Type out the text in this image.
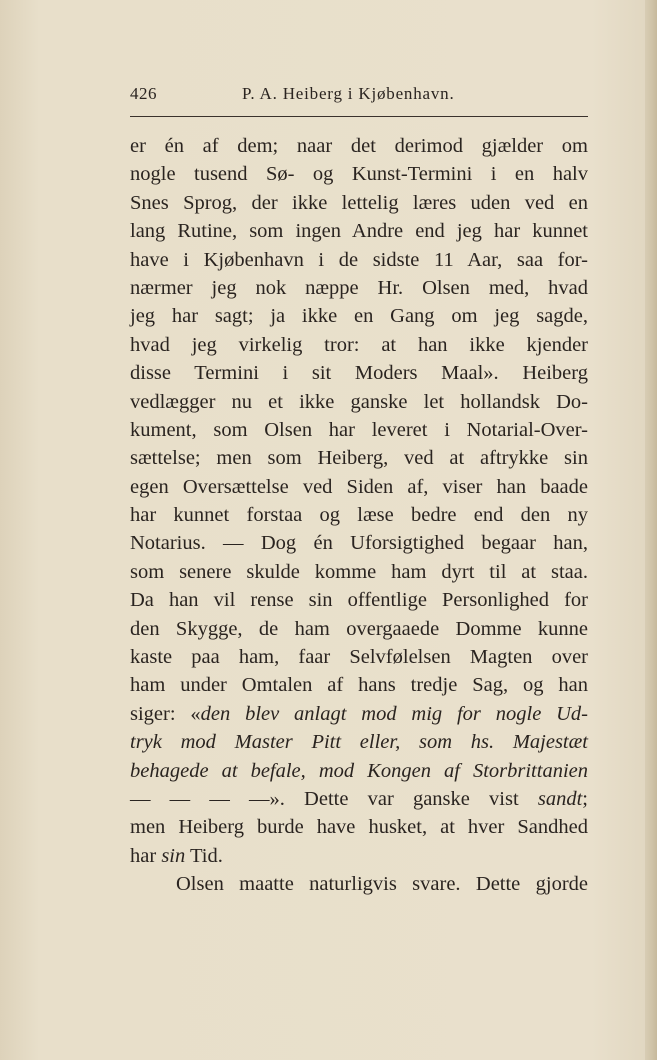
426	P. A. Heiberg i Kjøbenhavn.
er én af dem; naar det derimod gjælder om
nogle tusend Sø- og Kunst-Termini i en halv
Snes Sprog, der ikke lettelig læres uden ved en
lang Rutine, som ingen Andre end jeg har kunnet
have i Kjøbenhavn i de sidste 11 Aar, saa for-
nærmer jeg nok næppe Hr. Olsen med, hvad
jeg har sagt; ja ikke en Gang om jeg sagde,
hvad jeg virkelig tror: at han ikke kjender
disse Termini i sit Moders Maal». Heiberg
vedlægger nu et ikke ganske let hollandsk Do-
kument, som Olsen har leveret i Notarial-Over-
sættelse; men som Heiberg, ved at aftrykke sin
egen Oversættelse ved Siden af, viser han baade
har kunnet forstaa og læse bedre end den ny
Notarius. — Dog én Uforsigtighed begaar han,
som senere skulde komme ham dyrt til at staa.
Da han vil rense sin offentlige Personlighed for
den Skygge, de ham overgaaede Domme kunne
kaste paa ham, faar Selvfølelsen Magten over
ham under Omtalen af hans tredje Sag, og han
siger: «den blev anlagt mod mig for nogle Ud-
tryk mod Master Pitt eller, som hs. Majestæt
behagede at befale, mod Kongen af Storbrittanien
— — — —». Dette var ganske vist sandt;
men Heiberg burde have husket, at hver Sandhed
har sin Tid.
Olsen maatte naturligvis svare. Dette gjorde
